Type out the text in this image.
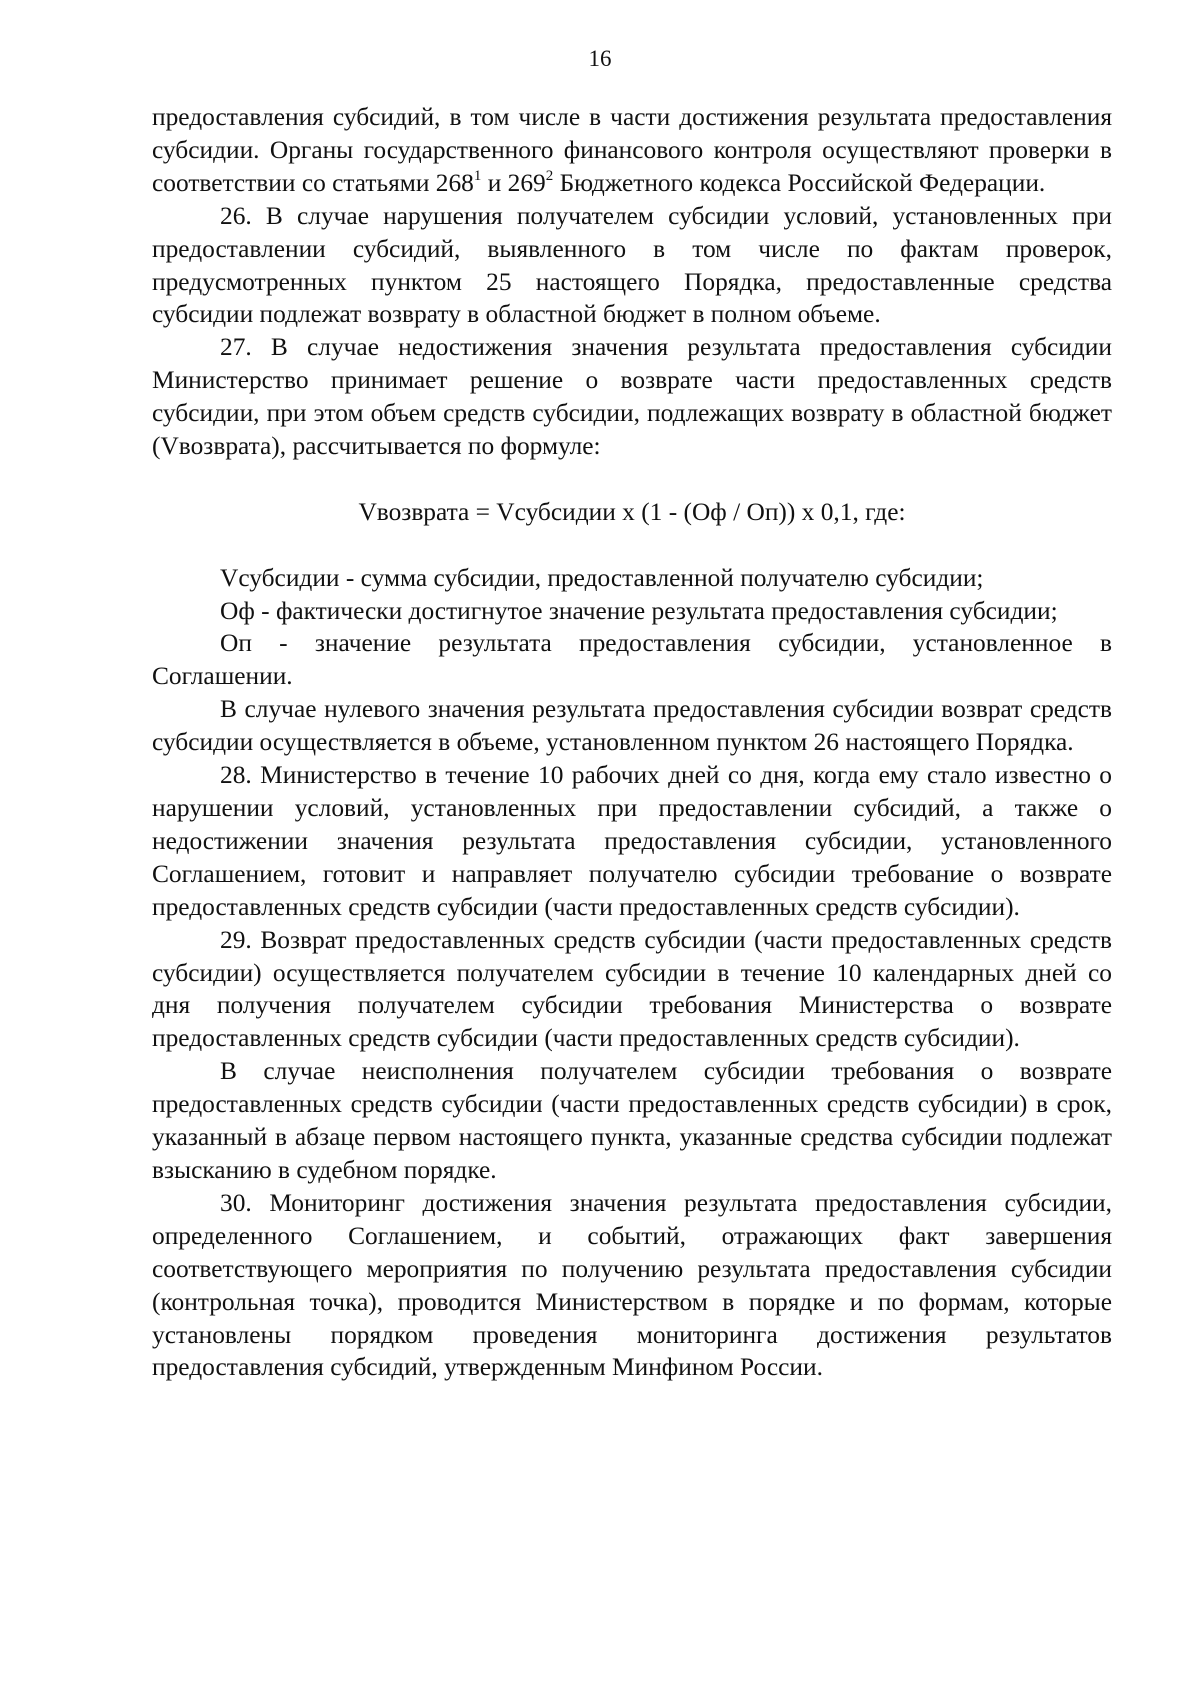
16

предоставления субсидий, в том числе в части достижения результата предоставления субсидии. Органы государственного финансового контроля осуществляют проверки в соответствии со статьями $268^1$ и $269^2$ Бюджетного кодекса Российской Федерации.

26. В случае нарушения получателем субсидии условий, установленных при предоставлении субсидий, выявленного в том числе по фактам проверок, предусмотренных пунктом 25 настоящего Порядка, предоставленные средства субсидии подлежат возврату в областной бюджет в полном объеме.

27. В случае недостижения значения результата предоставления субсидии Министерство принимает решение о возврате части предоставленных средств субсидии, при этом объем средств субсидии, подлежащих возврату в областной бюджет (Vвозврата), рассчитывается по формуле:

Vвозврата = Vсубсидии x (1 - (Оф / Оп)) x 0,1, где:

Vсубсидии - сумма субсидии, предоставленной получателю субсидии;

Оф - фактически достигнутое значение результата предоставления субсидии;

Оп - значение результата предоставления субсидии, установленное в Соглашении.

В случае нулевого значения результата предоставления субсидии возврат средств субсидии осуществляется в объеме, установленном пунктом 26 настоящего Порядка.

28. Министерство в течение 10 рабочих дней со дня, когда ему стало известно о нарушении условий, установленных при предоставлении субсидий, а также о недостижении значения результата предоставления субсидии, установленного Соглашением, готовит и направляет получателю субсидии требование о возврате предоставленных средств субсидии (части предоставленных средств субсидии).

29. Возврат предоставленных средств субсидии (части предоставленных средств субсидии) осуществляется получателем субсидии в течение 10 календарных дней со дня получения получателем субсидии требования Министерства о возврате предоставленных средств субсидии (части предоставленных средств субсидии).

В случае неисполнения получателем субсидии требования о возврате предоставленных средств субсидии (части предоставленных средств субсидии) в срок, указанный в абзаце первом настоящего пункта, указанные средства субсидии подлежат взысканию в судебном порядке.

30. Мониторинг достижения значения результата предоставления субсидии, определенного Соглашением, и событий, отражающих факт завершения соответствующего мероприятия по получению результата предоставления субсидии (контрольная точка), проводится Министерством в порядке и по формам, которые установлены порядком проведения мониторинга достижения результатов предоставления субсидий, утвержденным Минфином России.
